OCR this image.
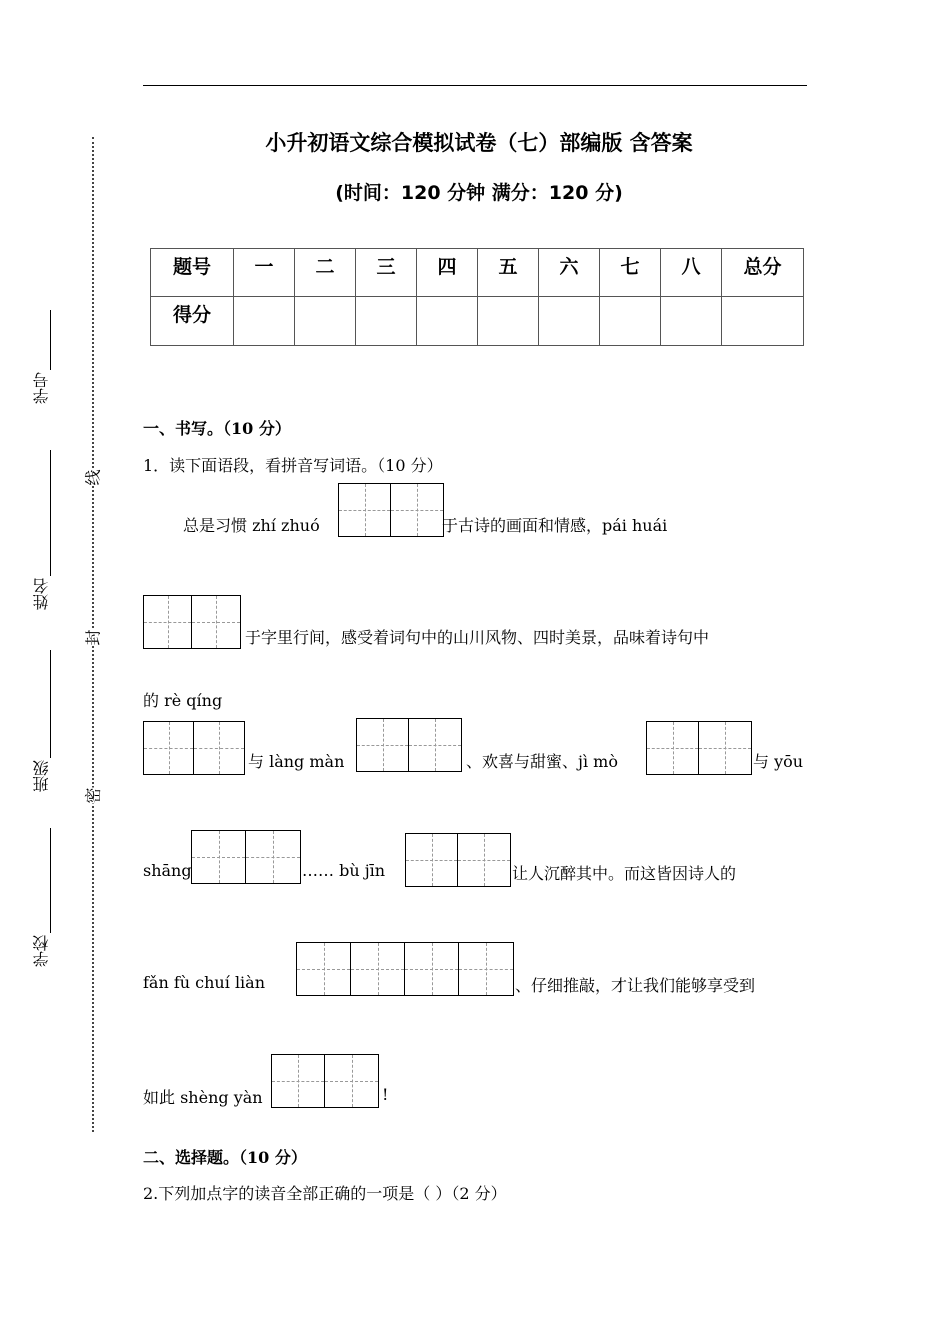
小升初语文综合模拟试卷（七）部编版 含答案
(时间：120 分钟 满分：120 分)
题号	一	二	三	四	五	六	七	八	总分
得分									
学号
姓名
班级
学校
线
封
密
一、书写。（10 分）
1．读下面语段，看拼音写词语。（10 分）
总是习惯 zhí zhuó	于古诗的画面和情感，pái huái
于字里行间，感受着词句中的山川风物、四时美景，品味着诗句中
的 rè qíng
与 làng màn	、欢喜与甜蜜、jì mò	与 yōu
shāng	…… bù jīn	让人沉醉其中。而这皆因诗人的
fǎn fù chuí liàn	、仔细推敲，才让我们能够享受到
如此 shèng yàn	!
二、选择题。（10 分）
2.下列加点字的读音全部正确的一项是（ ）（2 分）
